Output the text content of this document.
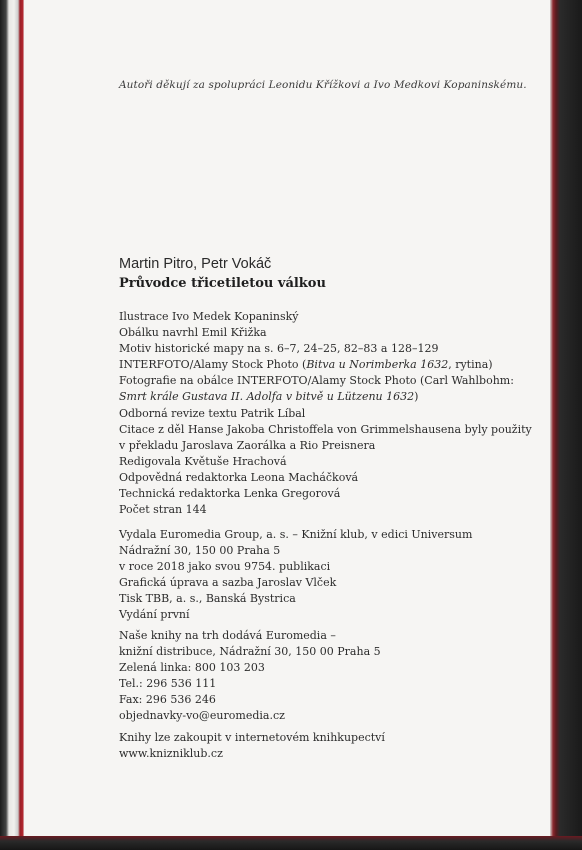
Autoři děkují za spolupráci Leonidu Křížkovi a Ivo Medkovi Kopaninskému.
Martin Pitro, Petr Vokáč
Průvodce třicetiletou válkou
Ilustrace Ivo Medek Kopaninský
Obálku navrhl Emil Křižka
Motiv historické mapy na s. 6–7, 24–25, 82–83 a 128–129
INTERFOTO/Alamy Stock Photo (Bitva u Norimberka 1632, rytina)
Fotografie na obálce INTERFOTO/Alamy Stock Photo (Carl Wahlbohm:
Smrt krále Gustava II. Adolfa v bitvě u Lützenu 1632)
Odborná revize textu Patrik Líbal
Citace z děl Hanse Jakoba Christoffela von Grimmelshausena byly použity
v překladu Jaroslava Zaorálka a Rio Preisnera
Redigovala Květuše Hrachová
Odpovědná redaktorka Leona Macháčková
Technická redaktorka Lenka Gregorová
Počet stran 144
Vydala Euromedia Group, a. s. – Knižní klub, v edici Universum
Nádražní 30, 150 00 Praha 5
v roce 2018 jako svou 9754. publikaci
Grafická úprava a sazba Jaroslav Vlček
Tisk TBB, a. s., Banská Bystrica
Vydání první
Naše knihy na trh dodává Euromedia –
knižní distribuce, Nádražní 30, 150 00 Praha 5
Zelená linka: 800 103 203
Tel.: 296 536 111
Fax: 296 536 246
objednavky-vo@euromedia.cz
Knihy lze zakoupit v internetovém knihkupectví
www.knizniklub.cz
